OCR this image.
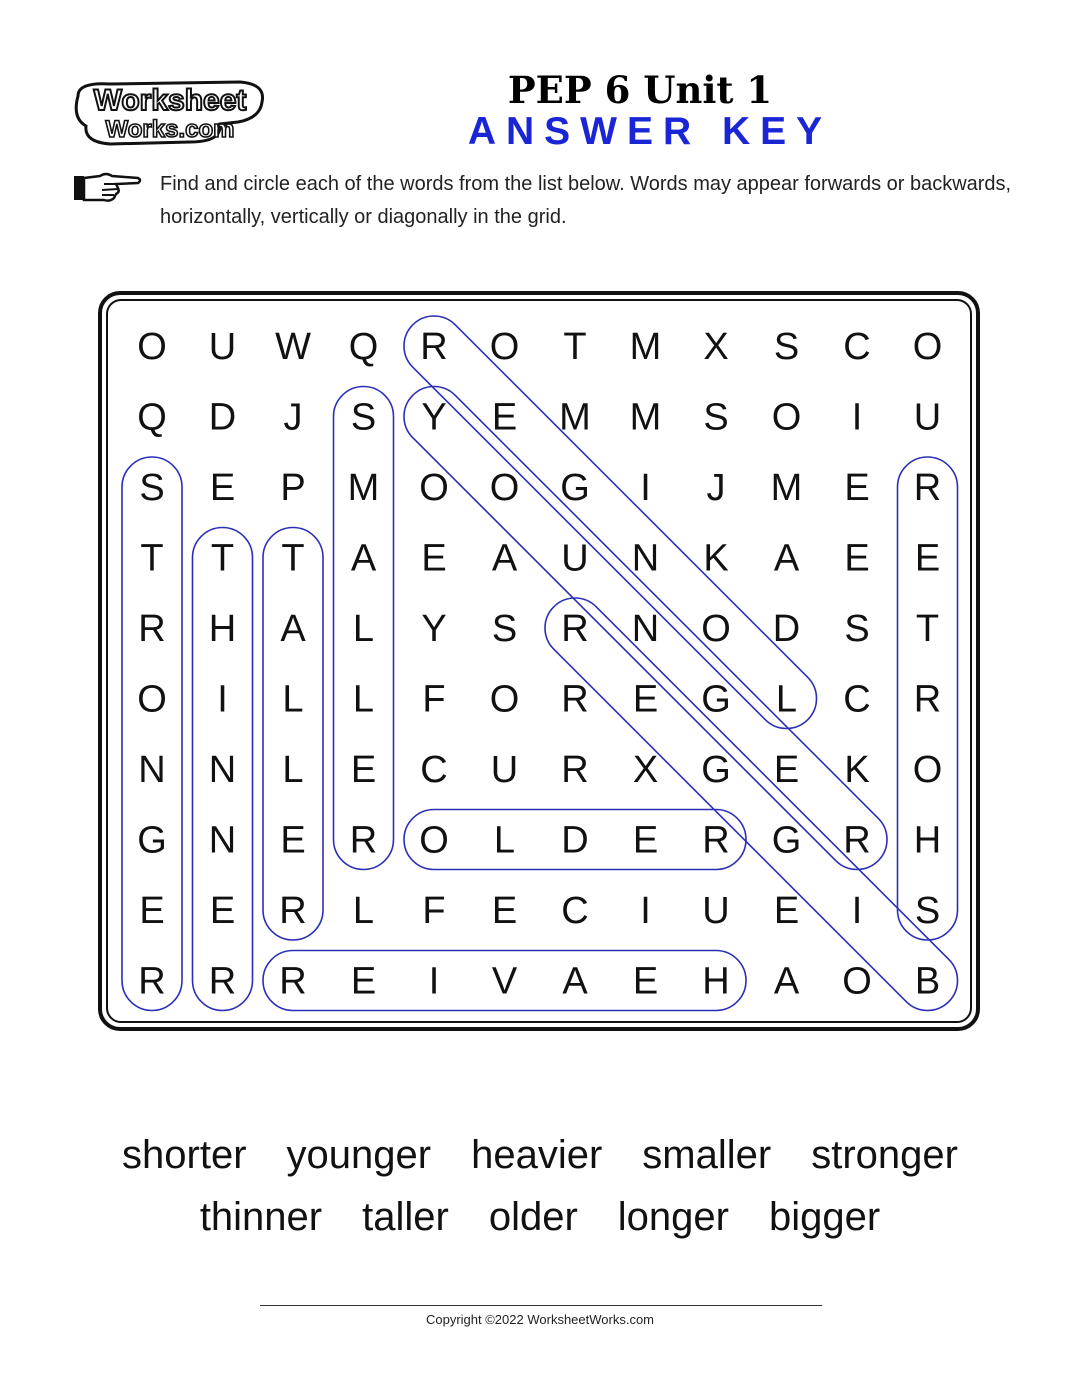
Worksheet
Works.com
PEP 6 Unit 1
ANSWER KEY
Find and circle each of the words from the list below. Words may appear forwards or backwards, horizontally, vertically or diagonally in the grid.
O U W Q R O T M X S C O
Q D J S Y E M M S O I U
S E P M O O G I J M E R
T T T A E A U N K A E E
R H A L Y S R N O D S T
O I L L F O R E G L C R
N N L E C U R X G E K O
G N E R O L D E R G R H
E E R L F E C I U E I S
R R R E I V A E H A O B
shorter younger heavier smaller stronger
thinner taller older longer bigger
Copyright ©2022 WorksheetWorks.com
